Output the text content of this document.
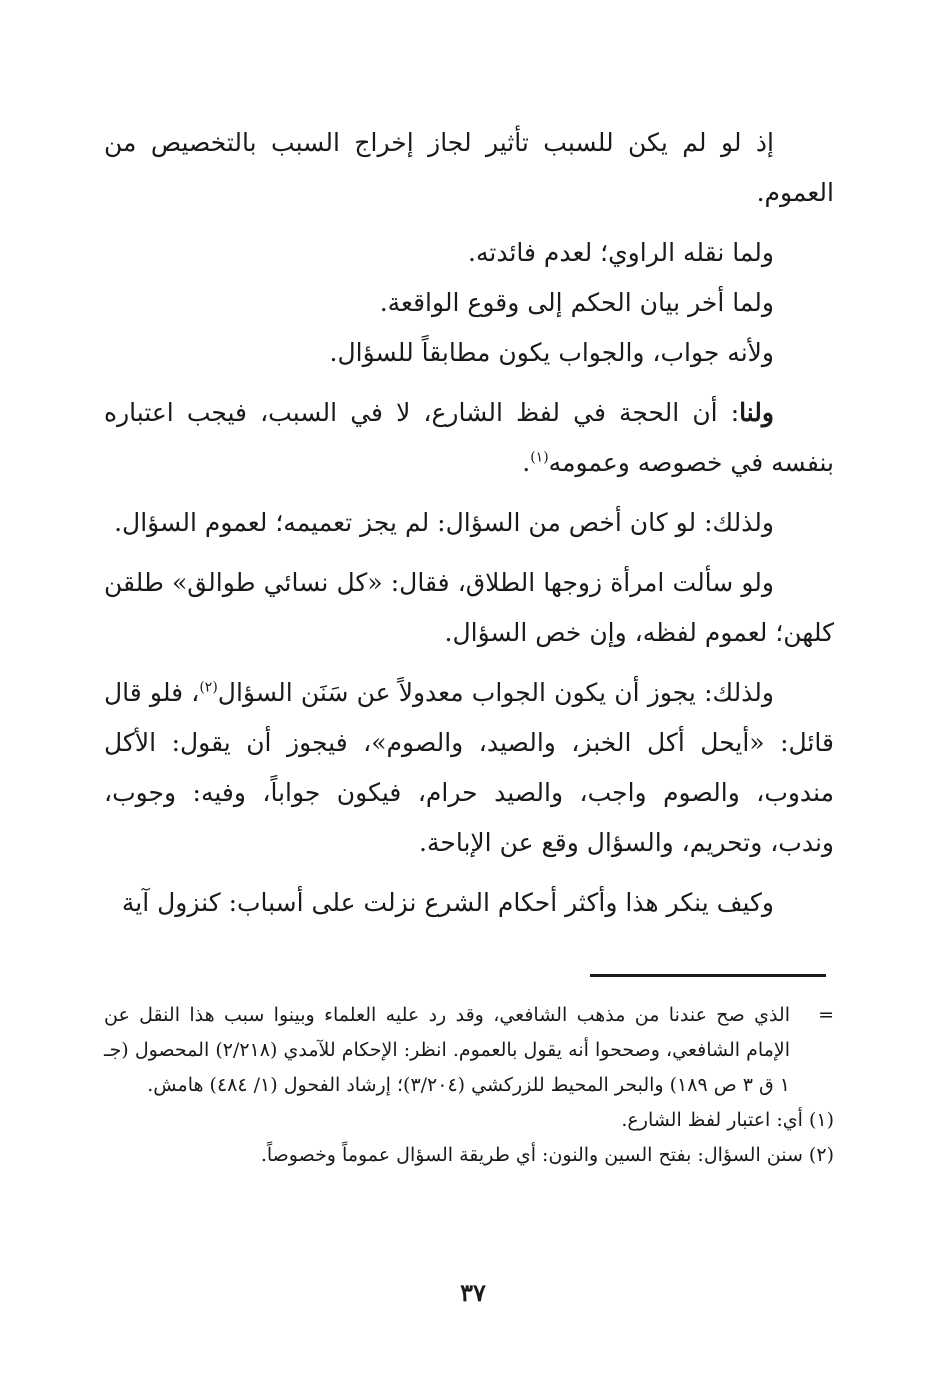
إذ لو لم يكن للسبب تأثير لجاز إخراج السبب بالتخصيص من العموم.

ولما نقله الراوي؛ لعدم فائدته.

ولما أخر بيان الحكم إلى وقوع الواقعة.

ولأنه جواب، والجواب يكون مطابقاً للسؤال.

ولنا: أن الحجة في لفظ الشارع، لا في السبب، فيجب اعتباره بنفسه في خصوصه وعمومه$^{(١)}$.

ولذلك: لو كان أخص من السؤال: لم يجز تعميمه؛ لعموم السؤال.

ولو سألت امرأة زوجها الطلاق، فقال: «كل نسائي طوالق» طلقن كلهن؛ لعموم لفظه، وإن خص السؤال.

ولذلك: يجوز أن يكون الجواب معدولاً عن سَنَن السؤال$^{(٢)}$، فلو قال قائل: «أيحل أكل الخبز، والصيد، والصوم»، فيجوز أن يقول: الأكل مندوب، والصوم واجب، والصيد حرام، فيكون جواباً، وفيه: وجوب، وندب، وتحريم، والسؤال وقع عن الإباحة.

وكيف ينكر هذا وأكثر أحكام الشرع نزلت على أسباب: كنزول آية

=
الذي صح عندنا من مذهب الشافعي، وقد رد عليه العلماء وبينوا سبب هذا النقل عن الإمام الشافعي، وصححوا أنه يقول بالعموم. انظر: الإحكام للآمدي (٢/٢١٨) المحصول (جـ ١ ق ٣ ص ١٨٩) والبحر المحيط للزركشي (٣/٢٠٤)؛ إرشاد الفحول (١/ ٤٨٤) هامش.

(١) أي: اعتبار لفظ الشارع.

(٢) سنن السؤال: بفتح السين والنون: أي طريقة السؤال عموماً وخصوصاً.

٣٧
